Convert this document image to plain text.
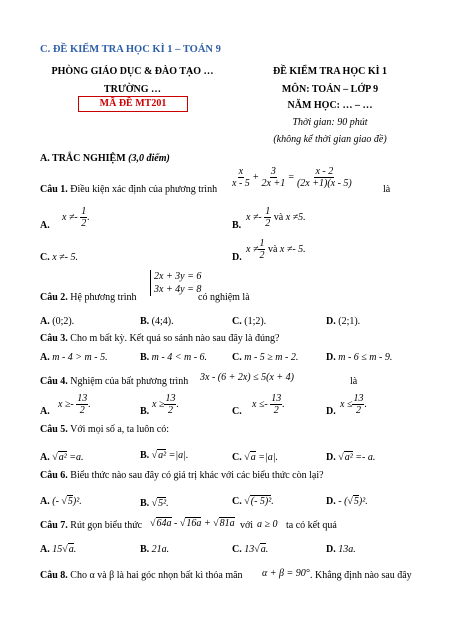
C. ĐỀ KIỂM TRA HỌC KÌ 1 – TOÁN 9
PHÒNG GIÁO DỤC & ĐÀO TẠO …
TRƯỜNG …
MÃ ĐỀ MT201
ĐỀ KIỂM TRA HỌC KÌ 1
MÔN: TOÁN – LỚP 9
NĂM HỌC: … – …
Thời gian: 90 phút
(không kể thời gian giao đề)
A. TRẮC NGHIỆM (3,0 điểm)
Câu 1. Điều kiện xác định của phương trình
$\frac{x}{x - 5} + \frac{3}{2x +1} = \frac{x - 2}{(2x +1)(x - 5)}$
là
A.
$x \ne- \frac{1}{2}$ .
B.
$x \ne- \frac{1}{2}$ và x ≠5.
C. x ≠- 5.	D.
$x \ne \frac{1}{2}$ và x ≠- 5.
Câu 2. Hệ phương trình
2x + 3y = 6
3x + 4y = 8
có nghiệm là
A. (0;2).	B. (4;4).	C. (1;2).	D. (2;1).
Câu 3. Cho m bất kỳ. Kết quả so sánh nào sau đây là đúng?
A. m - 4 > m - 5.	B. m - 4 < m - 6. C. m - 5 ≥ m - 2.	D. m - 6 ≤ m - 9.
Câu 4. Nghiệm của bất phương trình 3x - (6 + 2x) ≤ 5(x + 4)	là
A.
$x \ge- \frac{13}{2}$ .
B.
$x \ge \frac{13}{2}$ .
C.
$x \le- \frac{13}{2}$ .
D.
$x \le \frac{13}{2}$ .
Câu 5. Với mọi số a, ta luôn có:
A. √a² =a.	B. √a² =|a|.	C. √a =|a|.	D. √a² =- a.
Câu 6. Biểu thức nào sau đây có giá trị khác với các biểu thức còn lại?
A. (- √5)².	B. √5².	C. √(- 5)².	D. - (√5)².
Câu 7. Rút gọn biểu thức √64a - √16a + √81a với a ≥ 0 ta có kết quả
A. 15√a.	B. 21a.	C. 13√a.	D. 13a.
Câu 8. Cho α và β là hai góc nhọn bất kì thỏa mãn α + β = 90° . Khẳng định nào sau đây
